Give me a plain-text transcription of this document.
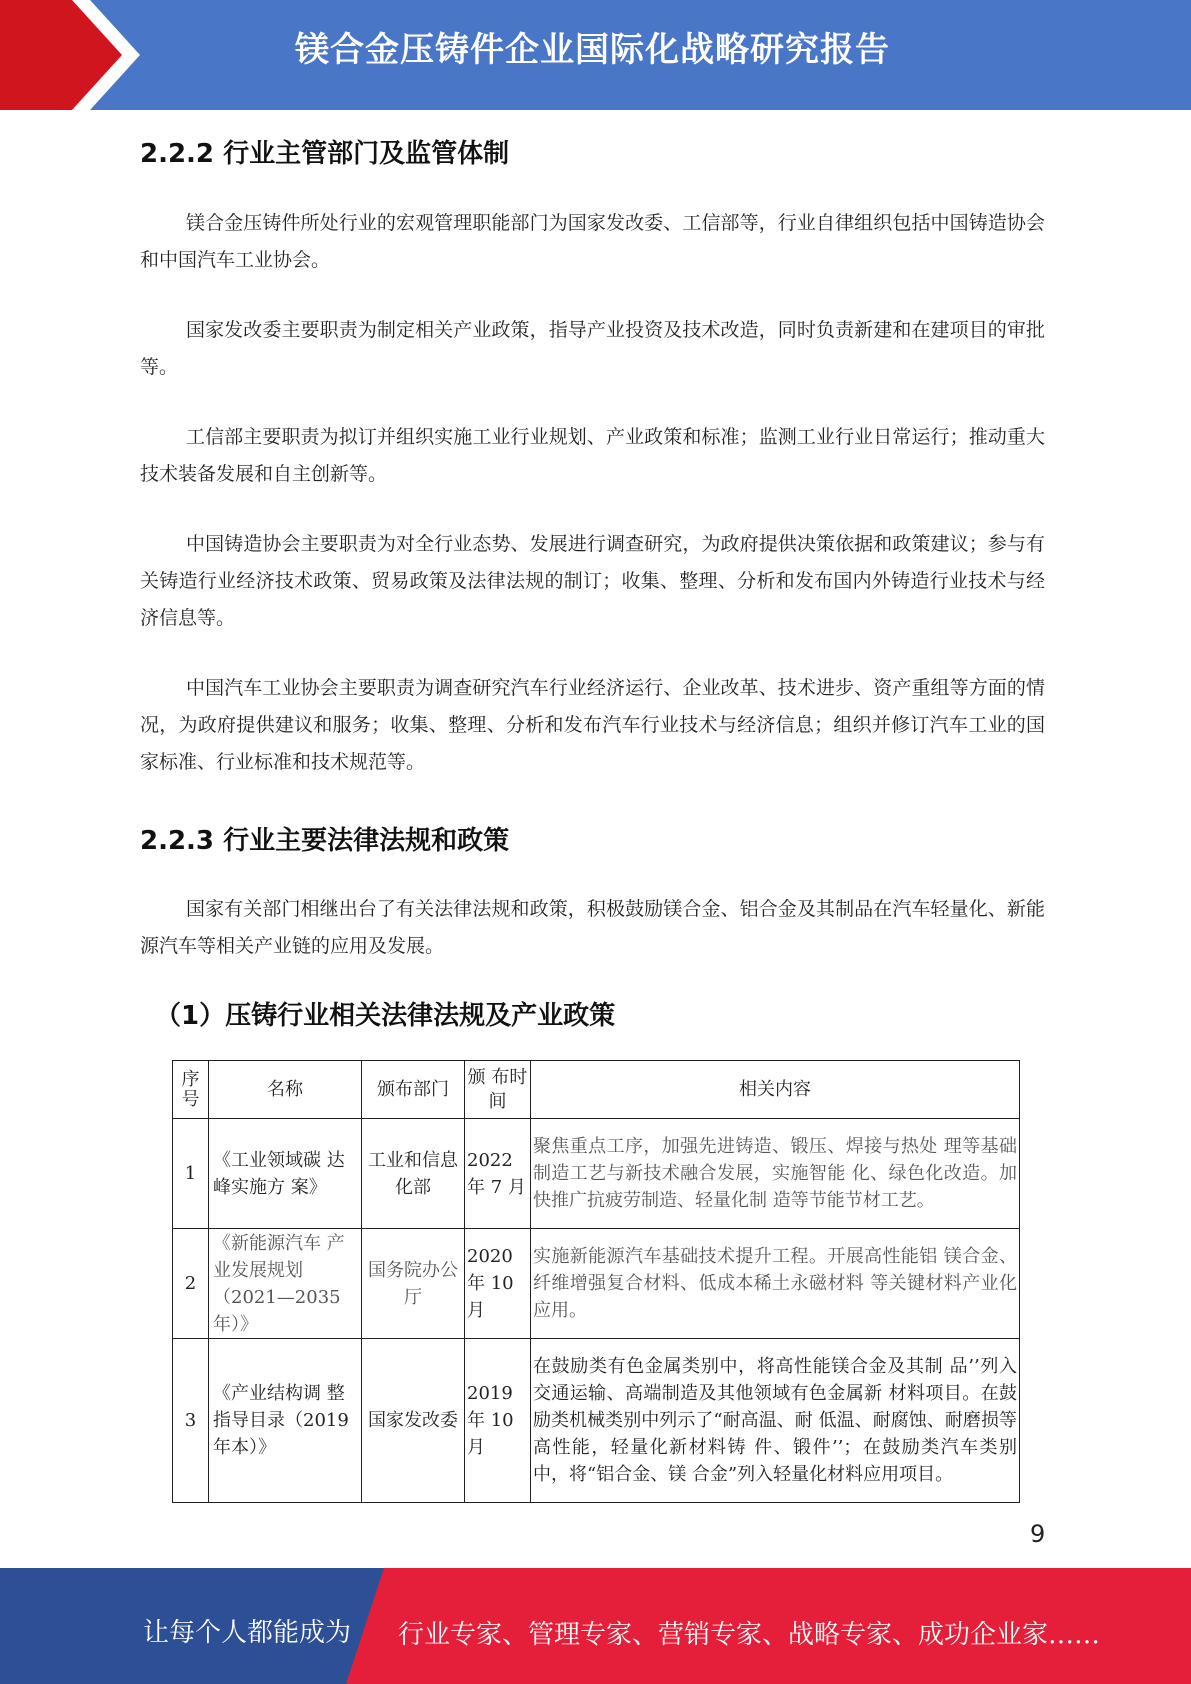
镁合金压铸件企业国际化战略研究报告
2.2.2 行业主管部门及监管体制
镁合金压铸件所处行业的宏观管理职能部门为国家发改委、工信部等，行业自律组织包括中国铸造协会和中国汽车工业协会。
国家发改委主要职责为制定相关产业政策，指导产业投资及技术改造，同时负责新建和在建项目的审批等。
工信部主要职责为拟订并组织实施工业行业规划、产业政策和标准；监测工业行业日常运行；推动重大技术装备发展和自主创新等。
中国铸造协会主要职责为对全行业态势、发展进行调查研究，为政府提供决策依据和政策建议；参与有关铸造行业经济技术政策、贸易政策及法律法规的制订；收集、整理、分析和发布国内外铸造行业技术与经济信息等。
中国汽车工业协会主要职责为调查研究汽车行业经济运行、企业改革、技术进步、资产重组等方面的情况，为政府提供建议和服务；收集、整理、分析和发布汽车行业技术与经济信息；组织并修订汽车工业的国家标准、行业标准和技术规范等。
2.2.3 行业主要法律法规和政策
国家有关部门相继出台了有关法律法规和政策，积极鼓励镁合金、铝合金及其制品在汽车轻量化、新能源汽车等相关产业链的应用及发展。
（1）压铸行业相关法律法规及产业政策
序号	名称	颁布部门	颁 布时间	相关内容
1	《工业领域碳 达峰实施方 案》	工业和信息化部	2022 年 7 月	聚焦重点工序，加强先进铸造、锻压、焊接与热处 理等基础制造工艺与新技术融合发展，实施智能 化、绿色化改造。加快推广抗疲劳制造、轻量化制 造等节能节材工艺。
2	《新能源汽车 产业发展规划（2021—2035 年）》	国务院办公厅	2020 年 10 月	实施新能源汽车基础技术提升工程。开展高性能铝 镁合金、纤维增强复合材料、低成本稀土永磁材料 等关键材料产业化应用。
3	《产业结构调 整指导目录（2019 年本）》	国家发改委	2019 年 10 月	在鼓励类有色金属类别中，将高性能镁合金及其制 品’’列入交通运输、高端制造及其他领域有色金属新 材料项目。在鼓励类机械类别中列示了“耐高温、耐 低温、耐腐蚀、耐磨损等高性能，轻量化新材料铸 件、锻件’’；在鼓励类汽车类别中，将“铝合金、镁 合金”列入轻量化材料应用项目。
9
让每个人都能成为 行业专家、管理专家、营销专家、战略专家、成功企业家……
